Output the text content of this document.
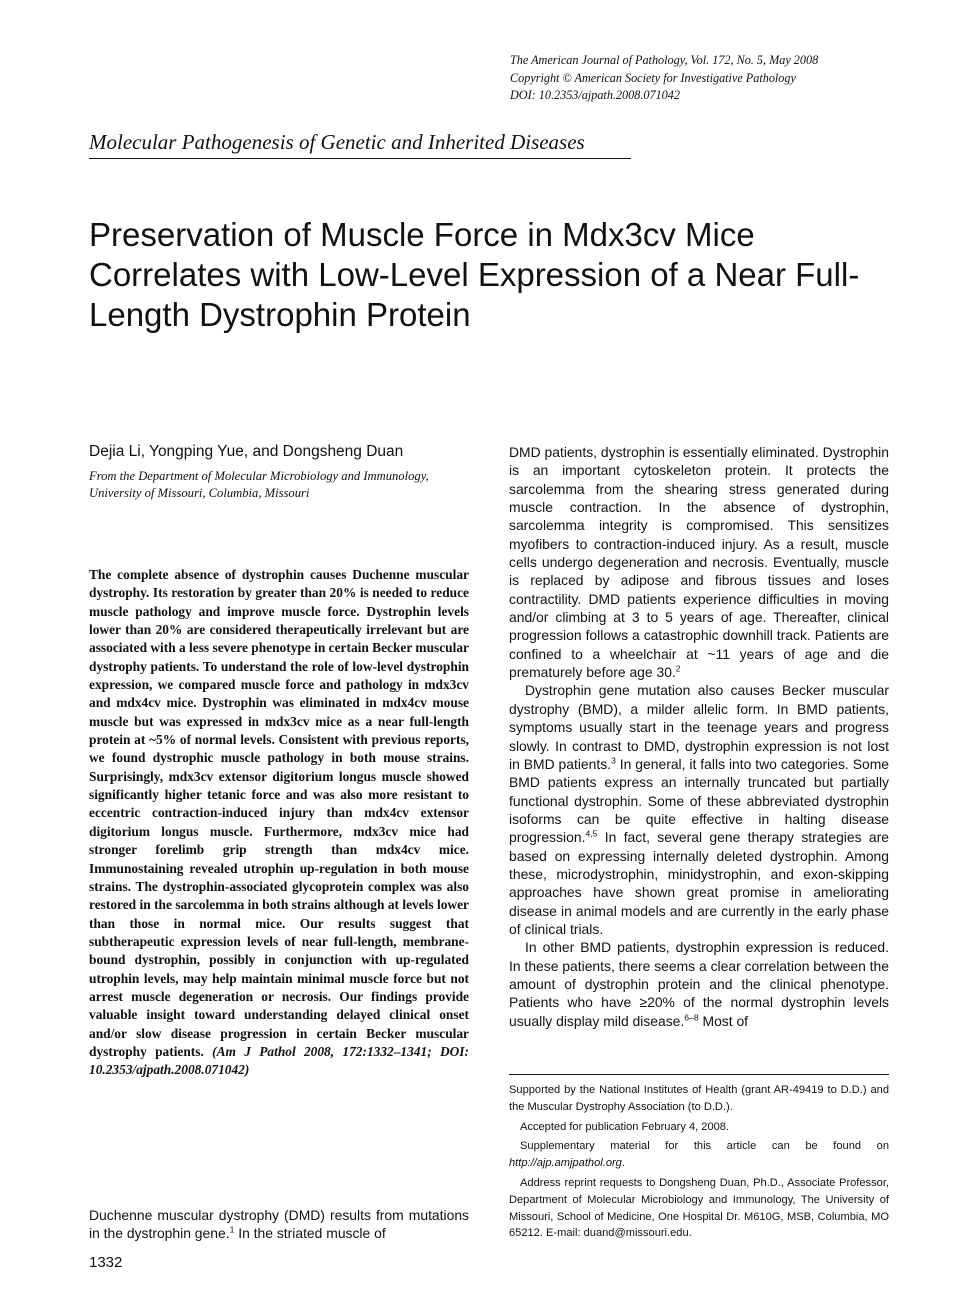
The American Journal of Pathology, Vol. 172, No. 5, May 2008
Copyright © American Society for Investigative Pathology
DOI: 10.2353/ajpath.2008.071042
Molecular Pathogenesis of Genetic and Inherited Diseases
Preservation of Muscle Force in Mdx3cv Mice Correlates with Low-Level Expression of a Near Full-Length Dystrophin Protein
Dejia Li, Yongping Yue, and Dongsheng Duan
From the Department of Molecular Microbiology and Immunology, University of Missouri, Columbia, Missouri
The complete absence of dystrophin causes Duchenne muscular dystrophy. Its restoration by greater than 20% is needed to reduce muscle pathology and improve muscle force. Dystrophin levels lower than 20% are considered therapeutically irrelevant but are associated with a less severe phenotype in certain Becker muscular dystrophy patients. To understand the role of low-level dystrophin expression, we compared muscle force and pathology in mdx3cv and mdx4cv mice. Dystrophin was eliminated in mdx4cv mouse muscle but was expressed in mdx3cv mice as a near full-length protein at ~5% of normal levels. Consistent with previous reports, we found dystrophic muscle pathology in both mouse strains. Surprisingly, mdx3cv extensor digitorium longus muscle showed significantly higher tetanic force and was also more resistant to eccentric contraction-induced injury than mdx4cv extensor digitorium longus muscle. Furthermore, mdx3cv mice had stronger forelimb grip strength than mdx4cv mice. Immunostaining revealed utrophin up-regulation in both mouse strains. The dystrophin-associated glycoprotein complex was also restored in the sarcolemma in both strains although at levels lower than those in normal mice. Our results suggest that subtherapeutic expression levels of near full-length, membrane-bound dystrophin, possibly in conjunction with up-regulated utrophin levels, may help maintain minimal muscle force but not arrest muscle degeneration or necrosis. Our findings provide valuable insight toward understanding delayed clinical onset and/or slow disease progression in certain Becker muscular dystrophy patients. (Am J Pathol 2008, 172:1332–1341; DOI: 10.2353/ajpath.2008.071042)
Duchenne muscular dystrophy (DMD) results from mutations in the dystrophin gene.$^1$ In the striated muscle of

DMD patients, dystrophin is essentially eliminated. Dystrophin is an important cytoskeleton protein. It protects the sarcolemma from the shearing stress generated during muscle contraction. In the absence of dystrophin, sarcolemma integrity is compromised. This sensitizes myofibers to contraction-induced injury. As a result, muscle cells undergo degeneration and necrosis. Eventually, muscle is replaced by adipose and fibrous tissues and loses contractility. DMD patients experience difficulties in moving and/or climbing at 3 to 5 years of age. Thereafter, clinical progression follows a catastrophic downhill track. Patients are confined to a wheelchair at ~11 years of age and die prematurely before age 30.$^2$

Dystrophin gene mutation also causes Becker muscular dystrophy (BMD), a milder allelic form. In BMD patients, symptoms usually start in the teenage years and progress slowly. In contrast to DMD, dystrophin expression is not lost in BMD patients.$^3$ In general, it falls into two categories. Some BMD patients express an internally truncated but partially functional dystrophin. Some of these abbreviated dystrophin isoforms can be quite effective in halting disease progression.$^{4,5}$ In fact, several gene therapy strategies are based on expressing internally deleted dystrophin. Among these, microdystrophin, minidystrophin, and exon-skipping approaches have shown great promise in ameliorating disease in animal models and are currently in the early phase of clinical trials.

In other BMD patients, dystrophin expression is reduced. In these patients, there seems a clear correlation between the amount of dystrophin protein and the clinical phenotype. Patients who have ≥20% of the normal dystrophin levels usually display mild disease.$^{6-8}$ Most of

Supported by the National Institutes of Health (grant AR-49419 to D.D.) and the Muscular Dystrophy Association (to D.D.).

Accepted for publication February 4, 2008.

Supplementary material for this article can be found on http://ajp.amjpathol.org.

Address reprint requests to Dongsheng Duan, Ph.D., Associate Professor, Department of Molecular Microbiology and Immunology, The University of Missouri, School of Medicine, One Hospital Dr. M610G, MSB, Columbia, MO 65212. E-mail: duand@missouri.edu.

1332
